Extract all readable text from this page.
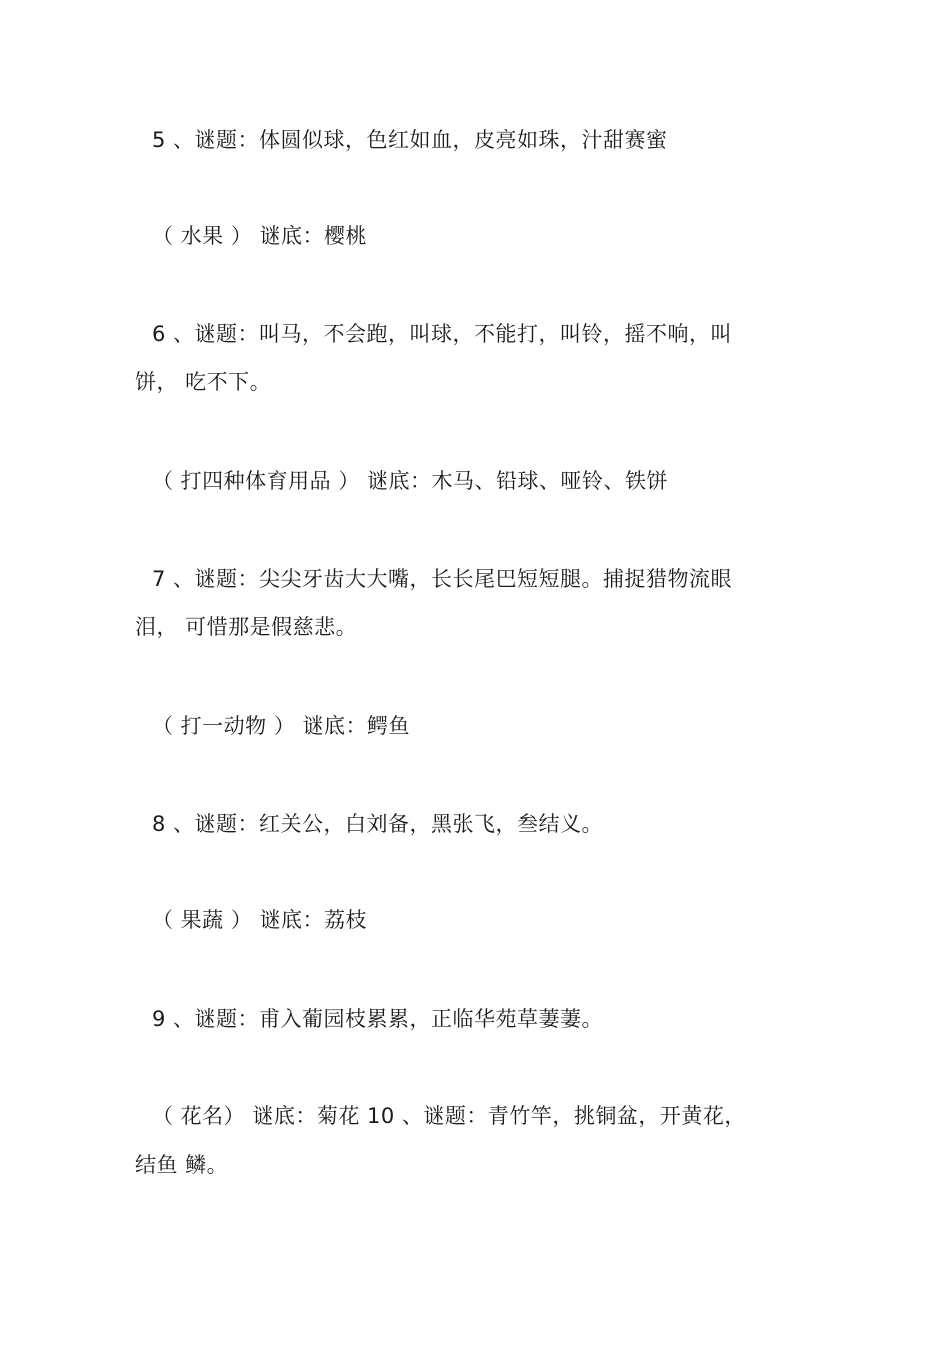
5 、谜题：体圆似球，色红如血，皮亮如珠，汁甜赛蜜
（ 水果 ） 谜底：樱桃
6 、谜题：叫马，不会跑，叫球，不能打，叫铃，摇不响，叫
饼， 吃不下。
（ 打四种体育用品 ） 谜底：木马、铅球、哑铃、铁饼
7 、谜题：尖尖牙齿大大嘴，长长尾巴短短腿。捕捉猎物流眼
泪， 可惜那是假慈悲。
（ 打一动物 ） 谜底：鳄鱼
8 、谜题：红关公，白刘备，黑张飞，叁结义。
（ 果蔬 ） 谜底：荔枝
9 、谜题：甫入葡园枝累累，正临华苑草萋萋。
（ 花名） 谜底：菊花 10 、谜题：青竹竿，挑铜盆，开黄花，
结鱼 鳞。
